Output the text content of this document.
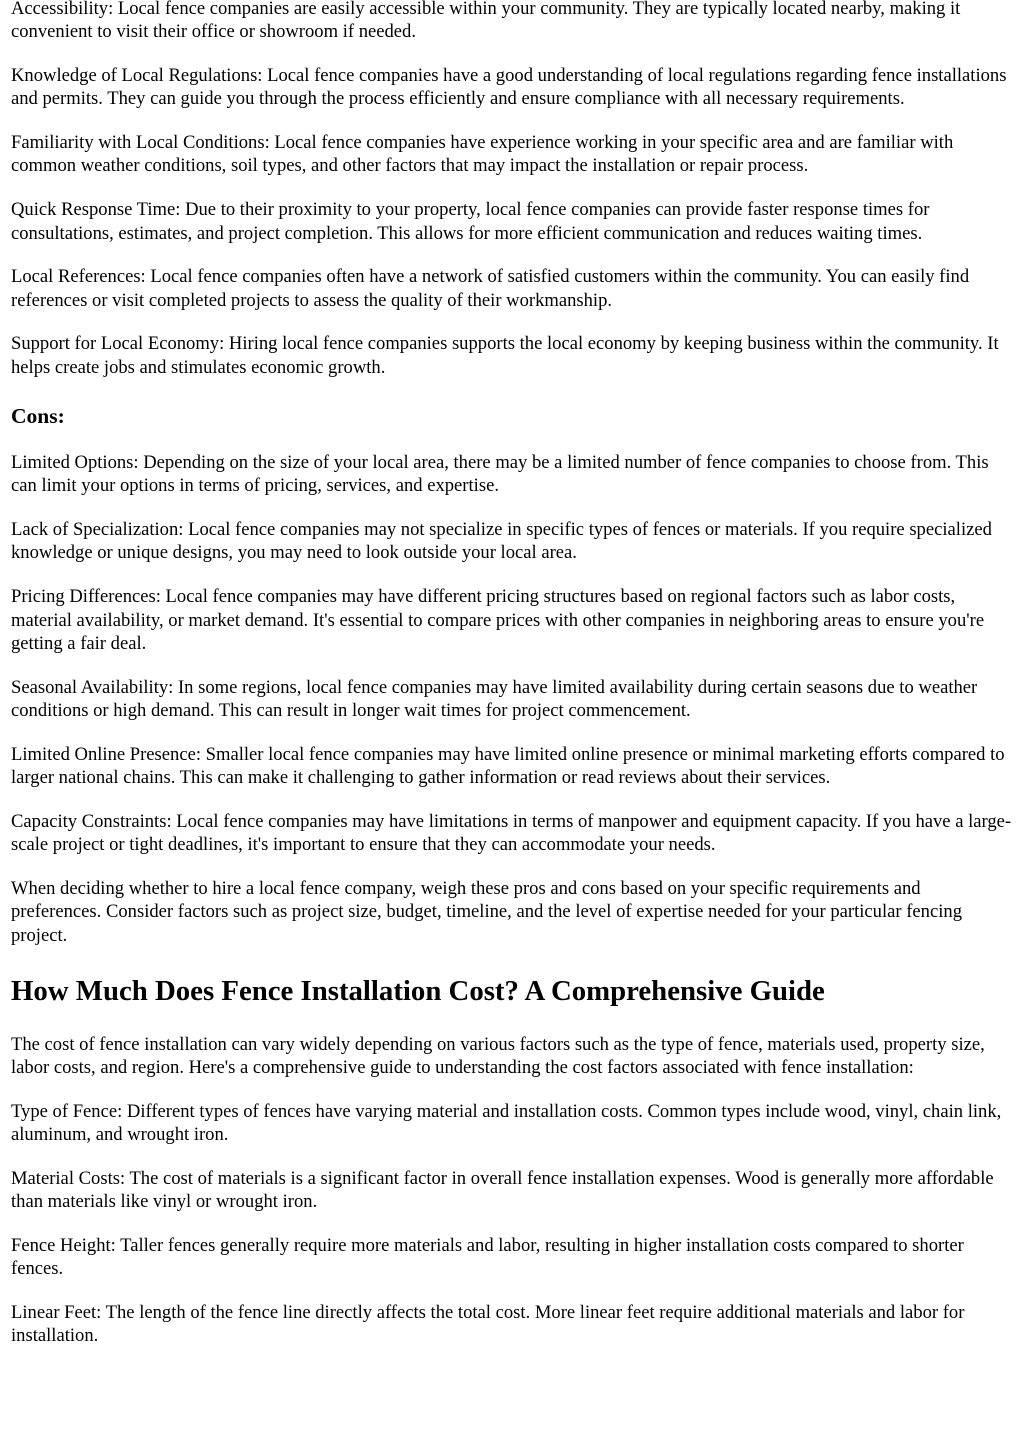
Accessibility: Local fence companies are easily accessible within your community. They are typically located nearby, making it convenient to visit their office or showroom if needed.

Knowledge of Local Regulations: Local fence companies have a good understanding of local regulations regarding fence installations and permits. They can guide you through the process efficiently and ensure compliance with all necessary requirements.

Familiarity with Local Conditions: Local fence companies have experience working in your specific area and are familiar with common weather conditions, soil types, and other factors that may impact the installation or repair process.

Quick Response Time: Due to their proximity to your property, local fence companies can provide faster response times for consultations, estimates, and project completion. This allows for more efficient communication and reduces waiting times.

Local References: Local fence companies often have a network of satisfied customers within the community. You can easily find references or visit completed projects to assess the quality of their workmanship.

Support for Local Economy: Hiring local fence companies supports the local economy by keeping business within the community. It helps create jobs and stimulates economic growth.

Cons:

Limited Options: Depending on the size of your local area, there may be a limited number of fence companies to choose from. This can limit your options in terms of pricing, services, and expertise.

Lack of Specialization: Local fence companies may not specialize in specific types of fences or materials. If you require specialized knowledge or unique designs, you may need to look outside your local area.

Pricing Differences: Local fence companies may have different pricing structures based on regional factors such as labor costs, material availability, or market demand. It's essential to compare prices with other companies in neighboring areas to ensure you're getting a fair deal.

Seasonal Availability: In some regions, local fence companies may have limited availability during certain seasons due to weather conditions or high demand. This can result in longer wait times for project commencement.

Limited Online Presence: Smaller local fence companies may have limited online presence or minimal marketing efforts compared to larger national chains. This can make it challenging to gather information or read reviews about their services.

Capacity Constraints: Local fence companies may have limitations in terms of manpower and equipment capacity. If you have a large-scale project or tight deadlines, it's important to ensure that they can accommodate your needs.

When deciding whether to hire a local fence company, weigh these pros and cons based on your specific requirements and preferences. Consider factors such as project size, budget, timeline, and the level of expertise needed for your particular fencing project.

How Much Does Fence Installation Cost? A Comprehensive Guide

The cost of fence installation can vary widely depending on various factors such as the type of fence, materials used, property size, labor costs, and region. Here's a comprehensive guide to understanding the cost factors associated with fence installation:

Type of Fence: Different types of fences have varying material and installation costs. Common types include wood, vinyl, chain link, aluminum, and wrought iron.

Material Costs: The cost of materials is a significant factor in overall fence installation expenses. Wood is generally more affordable than materials like vinyl or wrought iron.

Fence Height: Taller fences generally require more materials and labor, resulting in higher installation costs compared to shorter fences.

Linear Feet: The length of the fence line directly affects the total cost. More linear feet require additional materials and labor for installation.
